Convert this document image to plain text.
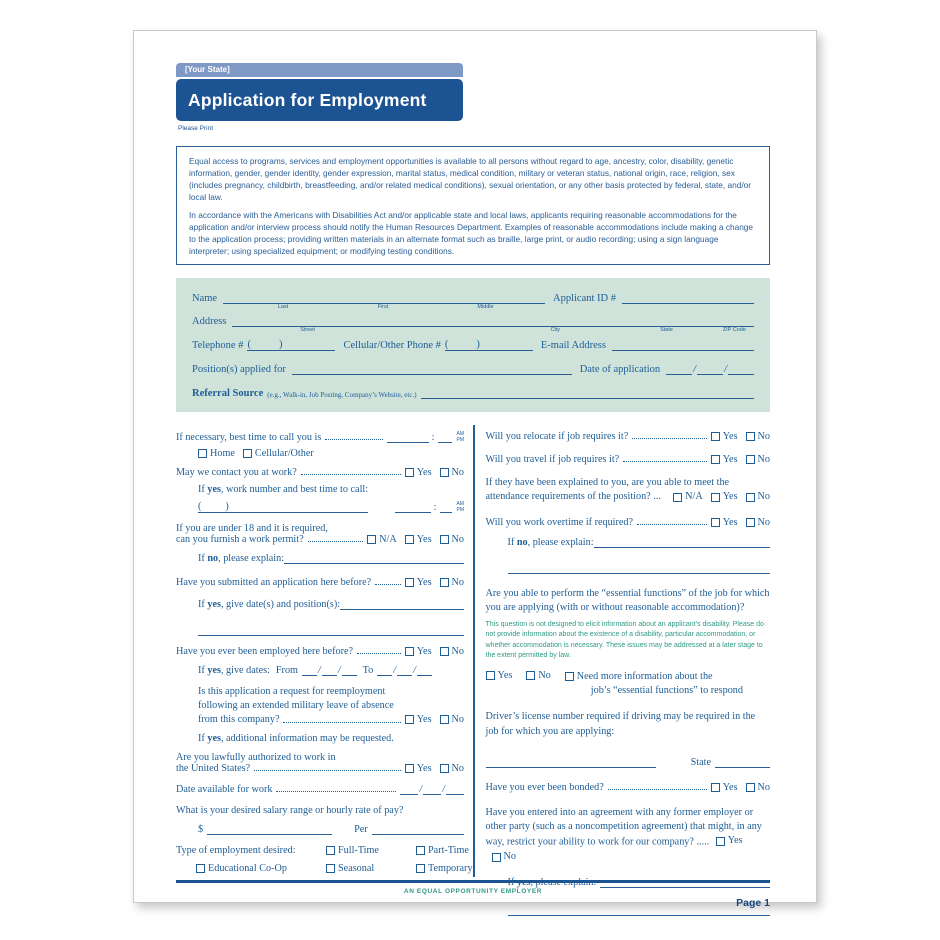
[Your State]
Application for Employment
Please Print

Equal access to programs, services and employment opportunities is available to all persons without regard to age, ancestry, color, disability, genetic information, gender, gender identity, gender expression, marital status, medical condition, military or veteran status, national origin, race, religion, sex (includes pregnancy, childbirth, breastfeeding, and/or related medical conditions), sexual orientation, or any other basis protected by federal, state, and/or local law.

In accordance with the Americans with Disabilities Act and/or applicable state and local laws, applicants requiring reasonable accommodations for the application and/or interview process should notify the Human Resources Department. Examples of reasonable accommodations include making a change to the application process; providing written materials in an alternate format such as braille, large print, or audio recording; using a sign language interpreter; using specialized equipment; or modifying testing conditions.

Name
Last	First	Middle
Applicant ID #
Address
Street	City	State	ZIP Code
Telephone # (	)	Cellular/Other Phone # (	)	E-mail Address
Position(s) applied for	Date of application	/	/
Referral Source (e.g., Walk-in, Job Posting, Company’s Website, etc.)
If necessary, best time to call you is	:	AM
PM
Home Cellular/Other
May we contact you at work?	Yes No
If yes, work number and best time to call:
( )	:	AM
PM
If you are under 18 and it is required,
can you furnish a work permit?	N/A Yes No
If no, please explain:
Have you submitted an application here before?	Yes No
If yes, give date(s) and position(s):
Have you ever been employed here before?	Yes No
If yes, give dates: From / / To / /
Is this application a request for reemployment
following an extended military leave of absence
from this company?	Yes No
If yes, additional information may be requested.
Are you lawfully authorized to work in
the United States?	Yes No
Date available for work	/ /
What is your desired salary range or hourly rate of pay?
$	Per
Type of employment desired:	Full-Time	Part-Time
Educational Co-Op	Seasonal	Temporary
Will you relocate if job requires it?	Yes No
Will you travel if job requires it?	Yes No
If they have been explained to you, are you able to meet the
attendance requirements of the position? ... N/A Yes No
Will you work overtime if required?	Yes No
If no, please explain:
Are you able to perform the “essential functions” of the job for which you are applying (with or without reasonable accommodation)?
This question is not designed to elicit information about an applicant’s disability. Please do not provide information about the existence of a disability, particular accommodation, or whether accommodation is necessary. These issues may be addressed at a later stage to the extent permitted by law.
Yes	No	Need more information about the
job’s “essential functions” to respond
Driver’s license number required if driving may be required in the job for which you are applying:
State
Have you ever been bonded?	Yes No
Have you entered into an agreement with any former employer or other party (such as a noncompetition agreement) that might, in any way, restrict your ability to work for our company? ..... Yes

No
If yes, please explain:
AN EQUAL OPPORTUNITY EMPLOYER
Page 1
